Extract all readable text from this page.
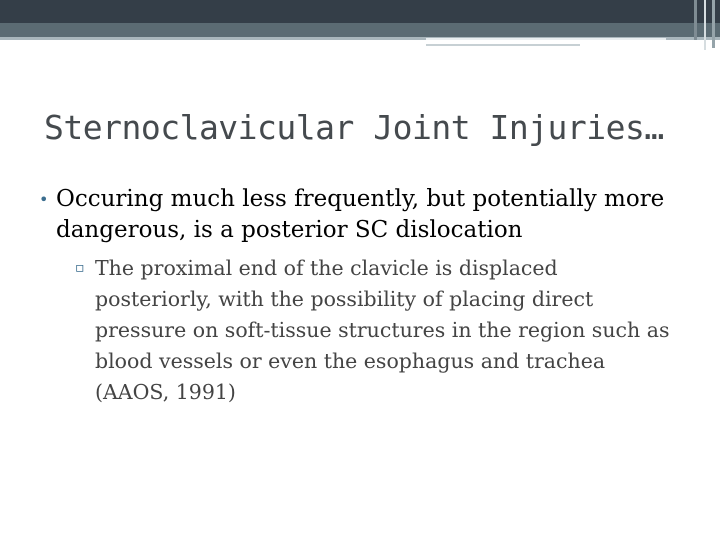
Sternoclavicular Joint Injuries…
• Occuring much less frequently, but potentially more dangerous, is a posterior SC dislocation
▫ The proximal end of the clavicle is displaced posteriorly, with the possibility of placing direct pressure on soft-tissue structures in the region such as blood vessels or even the esophagus and trachea (AAOS, 1991)
